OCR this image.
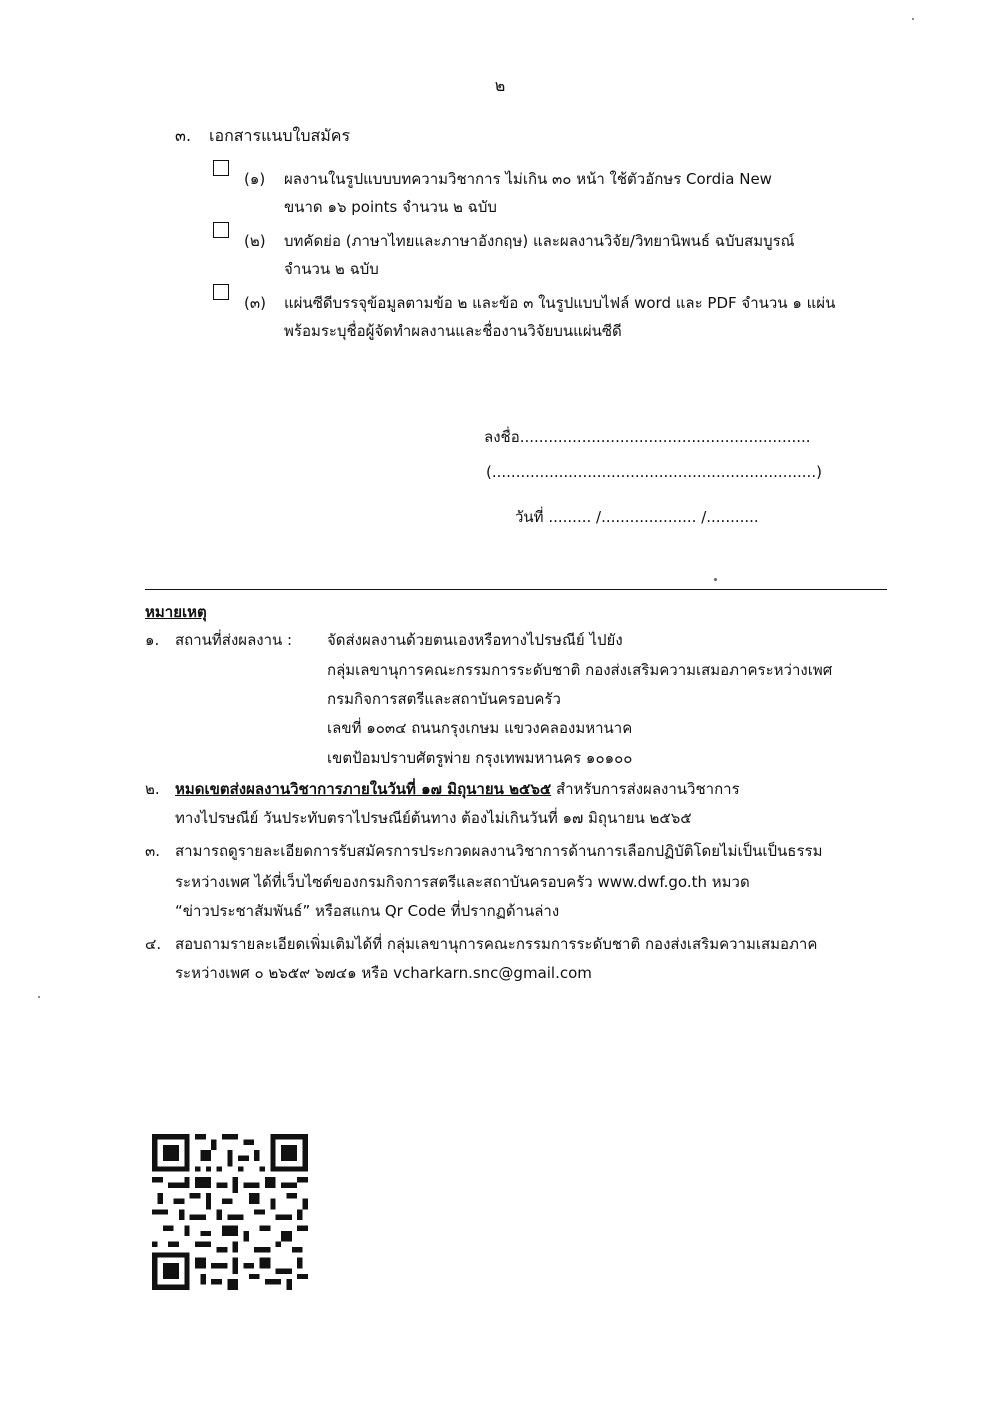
๒
๓. เอกสารแนบใบสมัคร
(๑) ผลงานในรูปแบบบทความวิชาการ ไม่เกิน ๓๐ หน้า ใช้ตัวอักษร Cordia New
ขนาด ๑๖ points จำนวน ๒ ฉบับ
(๒) บทคัดย่อ (ภาษาไทยและภาษาอังกฤษ) และผลงานวิจัย/วิทยานิพนธ์ ฉบับสมบูรณ์
จำนวน ๒ ฉบับ
(๓) แผ่นซีดีบรรจุข้อมูลตามข้อ ๒ และข้อ ๓ ในรูปแบบไฟล์ word และ PDF จำนวน ๑ แผ่น
พร้อมระบุชื่อผู้จัดทำผลงานและชื่องานวิจัยบนแผ่นซีดี
ลงชื่อ.............................................................
(....................................................................)
วันที่ ......... /.................... /...........
หมายเหตุ
๑. สถานที่ส่งผลงาน : จัดส่งผลงานด้วยตนเองหรือทางไปรษณีย์ ไปยัง
กลุ่มเลขานุการคณะกรรมการระดับชาติ กองส่งเสริมความเสมอภาคระหว่างเพศ
กรมกิจการสตรีและสถาบันครอบครัว
เลขที่ ๑๐๓๔ ถนนกรุงเกษม แขวงคลองมหานาค
เขตป้อมปราบศัตรูพ่าย กรุงเทพมหานคร ๑๐๑๐๐
๒. หมดเขตส่งผลงานวิชาการภายในวันที่ ๑๗ มิถุนายน ๒๕๖๕ สำหรับการส่งผลงานวิชาการ
ทางไปรษณีย์ วันประทับตราไปรษณีย์ต้นทาง ต้องไม่เกินวันที่ ๑๗ มิถุนายน ๒๕๖๕
๓. สามารถดูรายละเอียดการรับสมัครการประกวดผลงานวิชาการด้านการเลือกปฏิบัติโดยไม่เป็นเป็นธรรม
ระหว่างเพศ ได้ที่เว็บไซต์ของกรมกิจการสตรีและสถาบันครอบครัว www.dwf.go.th หมวด
“ข่าวประชาสัมพันธ์” หรือสแกน Qr Code ที่ปรากฏด้านล่าง
๔. สอบถามรายละเอียดเพิ่มเติมได้ที่ กลุ่มเลขานุการคณะกรรมการระดับชาติ กองส่งเสริมความเสมอภาค
ระหว่างเพศ ๐ ๒๖๕๙ ๖๗๔๑ หรือ vcharkarn.snc@gmail.com
